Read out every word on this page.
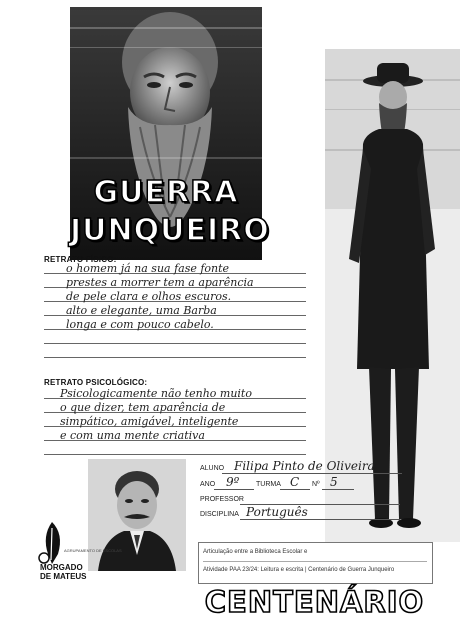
GUERRA
JUNQUEIRO
RETRATO FÍSICO:
o homem já na sua fase fonte
prestes a morrer tem a aparência
de pele clara e olhos escuros.
alto e elegante, uma Barba
longa e com pouco cabelo.
RETRATO PSICOLÓGICO:
Psicologicamente não tenho muito
o que dizer, tem aparência de
simpático, amigável, inteligente
e com uma mente criativa
ALUNO Filipa Pinto de Oliveira
ANO 9º TURMA C Nº 5
PROFESSOR
DISCIPLINA Português
Articulação entre a Biblioteca Escolar e
Atividade PAA 23/24: Leitura e escrita | Centenário de Guerra Junqueiro
CENTENÁRIO
AGRUPAMENTO DE ESCOLAS
MORGADO
DE MATEUS
